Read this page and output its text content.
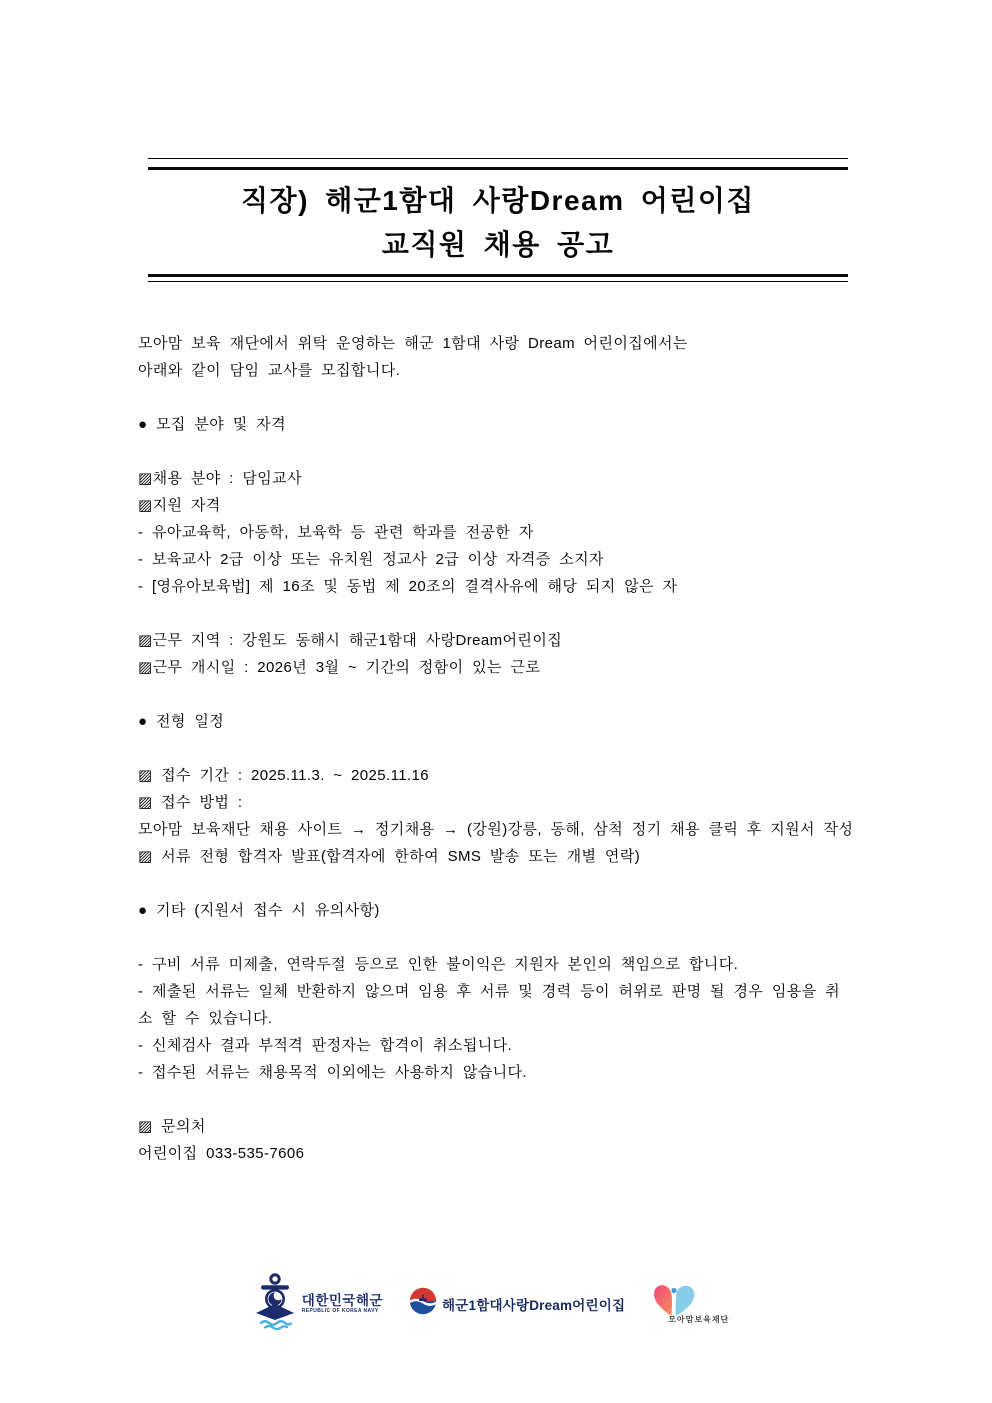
직장) 해군1함대 사랑Dream 어린이집
교직원 채용 공고
모아맘 보육 재단에서 위탁 운영하는 해군 1함대 사랑 Dream 어린이집에서는
아래와 같이 담임 교사를 모집합니다.
● 모집 분야 및 자격
▨채용 분야 : 담임교사
▨지원 자격
- 유아교육학, 아동학, 보육학 등 관련 학과를 전공한 자
- 보육교사 2급 이상 또는 유치원 정교사 2급 이상 자격증 소지자
- [영유아보육법] 제 16조 및 동법 제 20조의 결격사유에 해당 되지 않은 자
▨근무 지역 : 강원도 동해시 해군1함대 사랑Dream어린이집
▨근무 개시일 : 2026년 3월 ~ 기간의 정함이 있는 근로
● 전형 일정
▨ 접수 기간 : 2025.11.3. ~ 2025.11.16
▨ 접수 방법 :
모아맘 보육재단 채용 사이트 → 정기채용 → (강원)강릉, 동해, 삼척 정기 채용 클릭 후 지원서 작성
▨ 서류 전형 합격자 발표(합격자에 한하여 SMS 발송 또는 개별 연락)
● 기타 (지원서 접수 시 유의사항)
- 구비 서류 미제출, 연락두절 등으로 인한 불이익은 지원자 본인의 책임으로 합니다.
- 제출된 서류는 일체 반환하지 않으며 임용 후 서류 및 경력 등이 허위로 판명 될 경우 임용을 취
소 할 수 있습니다.
- 신체검사 결과 부적격 판정자는 합격이 취소됩니다.
- 접수된 서류는 채용목적 이외에는 사용하지 않습니다.
▨ 문의처
어린이집 033-535-7606
대한민국해군
REPUBLIC OF KOREA NAVY	해군1함대사랑Dream어린이집
모아맘보육재단
